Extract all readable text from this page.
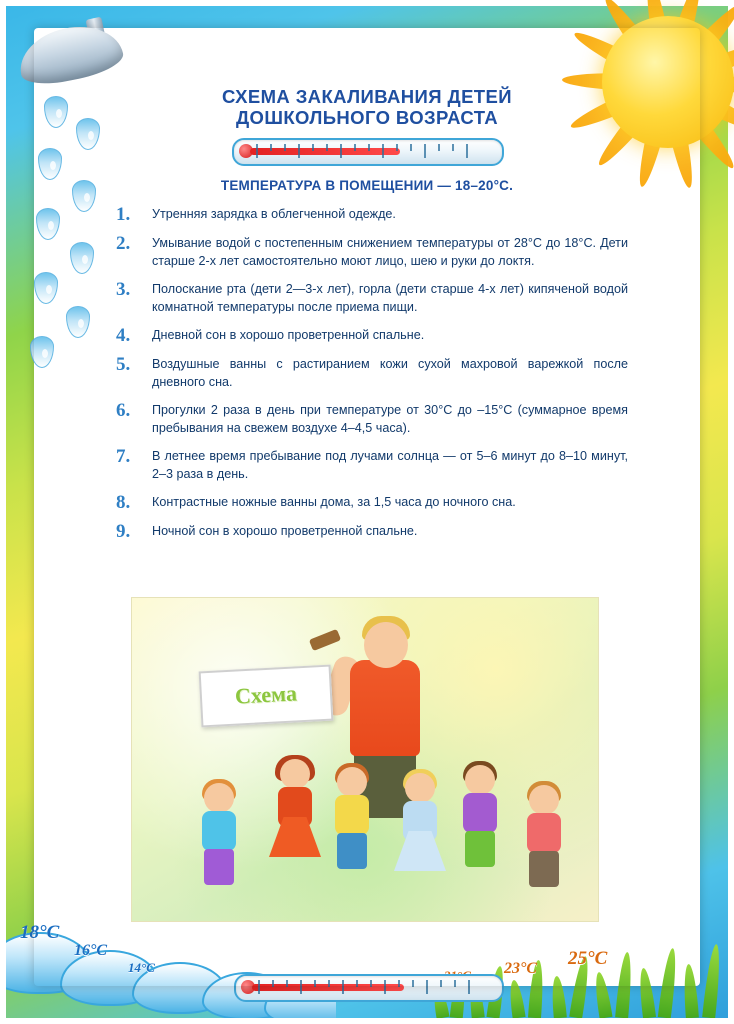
СХЕМА ЗАКАЛИВАНИЯ ДЕТЕЙ
ДОШКОЛЬНОГО ВОЗРАСТА
ТЕМПЕРАТУРА В ПОМЕЩЕНИИ — 18–20°С.
1.	Утренняя зарядка в облегченной одежде.
2.	Умывание водой с постепенным снижением температуры от 28°С до 18°С. Дети старше 2-х лет самостоятельно моют лицо, шею и руки до локтя.
3.	Полоскание рта (дети 2—3-х лет), горла (дети старше 4-х лет) кипяченой водой комнатной температуры после приема пищи.
4.	Дневной сон в хорошо проветренной спальне.
5.	Воздушные ванны с растиранием кожи сухой махровой варежкой после дневного сна.
6.	Прогулки 2 раза в день при температуре от 30°С до –15°С (суммарное время пребывания на свежем воздухе 4–4,5 часа).
7.	В летнее время пребывание под лучами солнца — от 5–6 минут до 8–10 минут, 2–3 раза в день.
8.	Контрастные ножные ванны дома, за 1,5 часа до ночного сна.
9.	Ночной сон в хорошо проветренной спальне.
Схема
18°С
16°С
14°С	23°С 25°С
